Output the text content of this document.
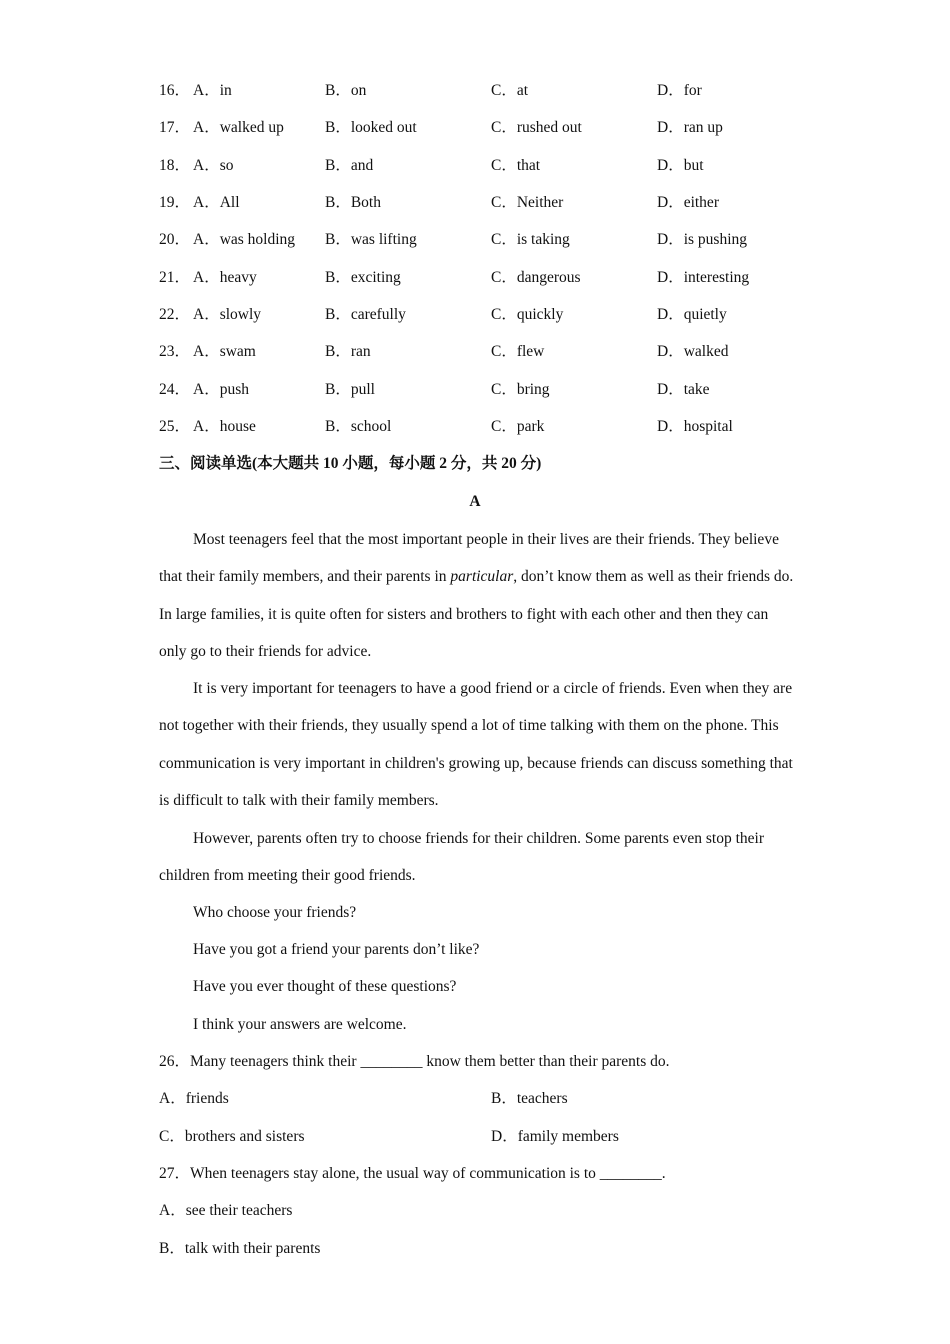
16． A．in	B．on	C．at	D．for
17． A．walked up	B．looked out	C．rushed out	D．ran up
18． A．so	B．and	C．that	D．but
19． A．All	B．Both	C．Neither	D．either
20． A．was holding B．was lifting	C．is taking	D．is pushing
21． A．heavy	B．exciting	C．dangerous	D．interesting
22． A．slowly	B．carefully	C．quickly	D．quietly
23． A．swam	B．ran	C．flew	D．walked
24． A．push	B．pull	C．bring	D．take
25． A．house	B．school	C．park	D．hospital
三、阅读单选(本大题共 10 小题，每小题 2 分，共 20 分)
A

Most teenagers feel that the most important people in their lives are their friends. They believe that their family members, and their parents in particular, don’t know them as well as their friends do. In large families, it is quite often for sisters and brothers to fight with each other and then they can only go to their friends for advice.

It is very important for teenagers to have a good friend or a circle of friends. Even when they are not together with their friends, they usually spend a lot of time talking with them on the phone. This communication is very important in children's growing up, because friends can discuss something that is difficult to talk with their family members.

However, parents often try to choose friends for their children. Some parents even stop their children from meeting their good friends.

Who choose your friends?
Have you got a friend your parents don’t like?
Have you ever thought of these questions?
I think your answers are welcome.
26．Many teenagers think their ________ know them better than their parents do.
A．friends	B．teachers
C．brothers and sisters	D．family members
27．When teenagers stay alone, the usual way of communication is to ________.
A．see their teachers
B．talk with their parents
